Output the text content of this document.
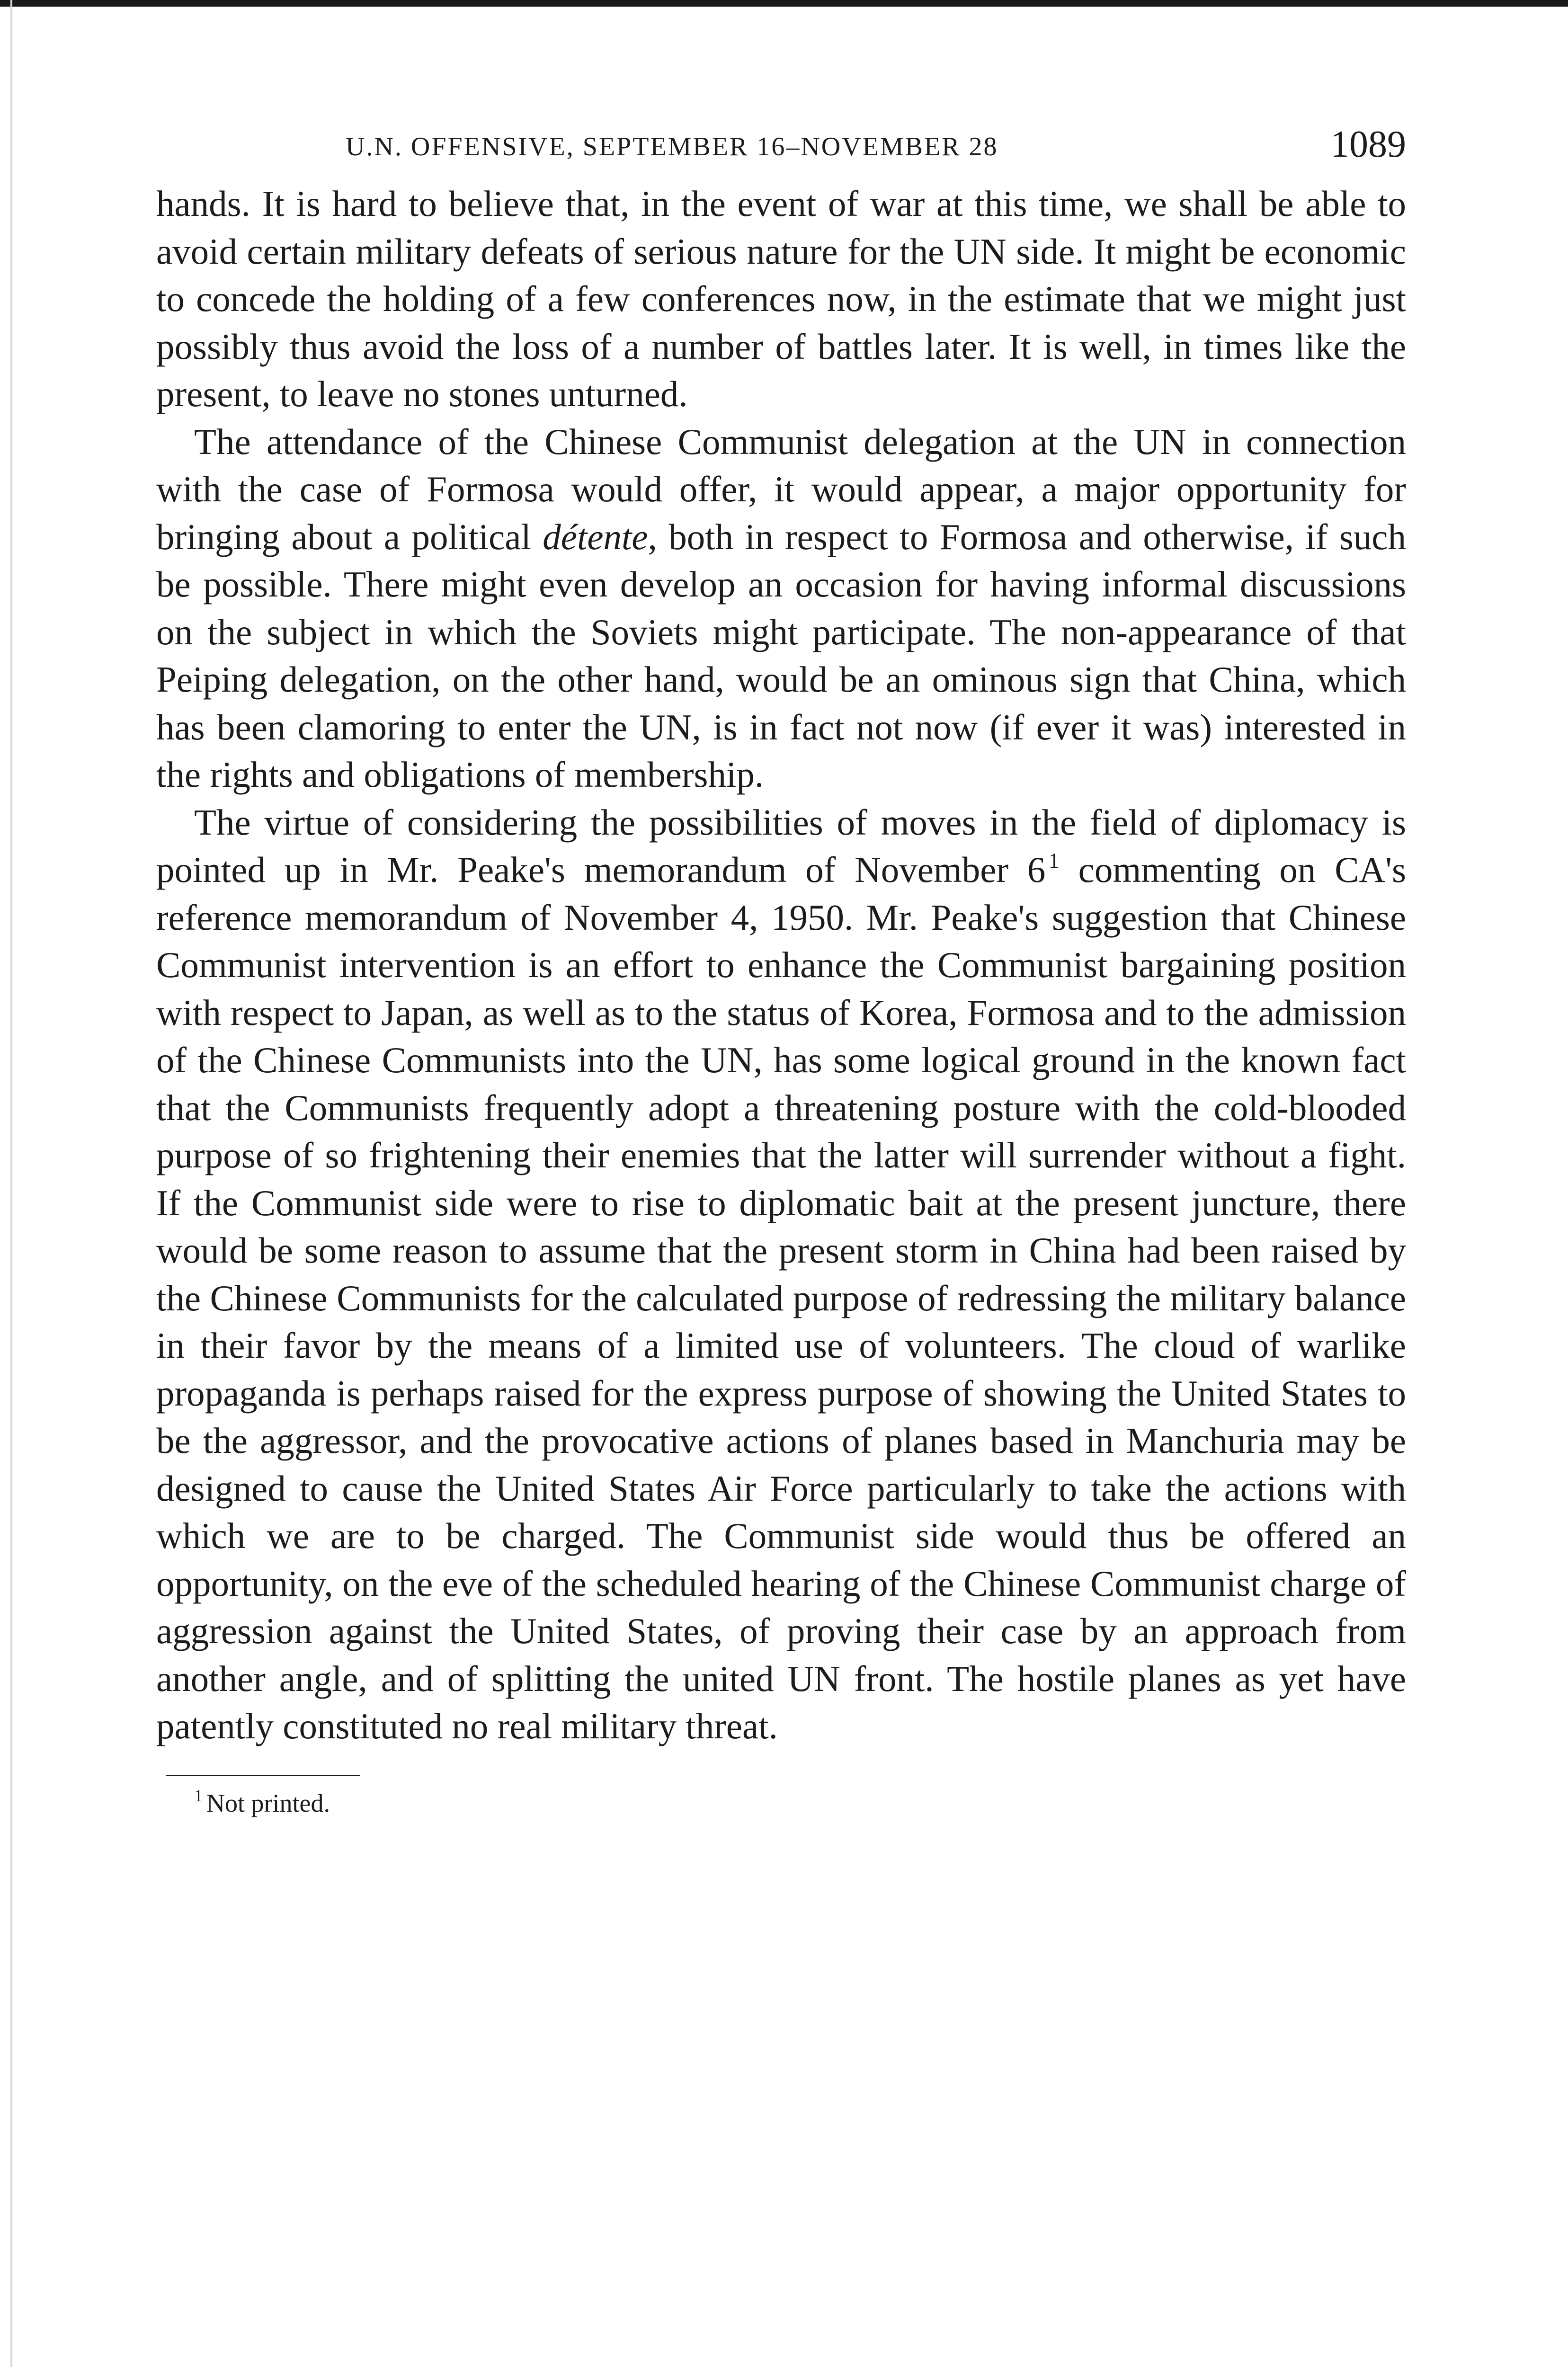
U.N. OFFENSIVE, SEPTEMBER 16–NOVEMBER 28	1089

hands. It is hard to believe that, in the event of war at this time, we shall be able to avoid certain military defeats of serious nature for the UN side. It might be economic to concede the holding of a few conferences now, in the estimate that we might just possibly thus avoid the loss of a number of battles later. It is well, in times like the present, to leave no stones unturned.

The attendance of the Chinese Communist delegation at the UN in connection with the case of Formosa would offer, it would appear, a major opportunity for bringing about a political détente, both in respect to Formosa and otherwise, if such be possible. There might even develop an occasion for having informal discussions on the subject in which the Soviets might participate. The non-appearance of that Peiping delegation, on the other hand, would be an ominous sign that China, which has been clamoring to enter the UN, is in fact not now (if ever it was) interested in the rights and obligations of membership.

The virtue of considering the possibilities of moves in the field of diplomacy is pointed up in Mr. Peake's memorandum of November 6  $^1$ commenting on CA's reference memorandum of November 4, 1950. Mr. Peake's suggestion that Chinese Communist intervention is an effort to enhance the Communist bargaining position with respect to Japan, as well as to the status of Korea, Formosa and to the admission of the Chinese Communists into the UN, has some logical ground in the known fact that the Communists frequently adopt a threatening posture with the cold-blooded purpose of so frightening their enemies that the latter will surrender without a fight. If the Communist side were to rise to diplomatic bait at the present juncture, there would be some reason to assume that the present storm in China had been raised by the Chinese Communists for the calculated purpose of redressing the military balance in their favor by the means of a limited use of volunteers. The cloud of warlike propaganda is perhaps raised for the express purpose of showing the United States to be the aggressor, and the provocative actions of planes based in Manchuria may be designed to cause the United States Air Force particularly to take the actions with which we are to be charged. The Communist side would thus be offered an opportunity, on the eve of the scheduled hearing of the Chinese Communist charge of aggression against the United States, of proving their case by an approach from another angle, and of splitting the united UN front. The hostile planes as yet have patently constituted no real military threat.

$^1$ Not printed.
